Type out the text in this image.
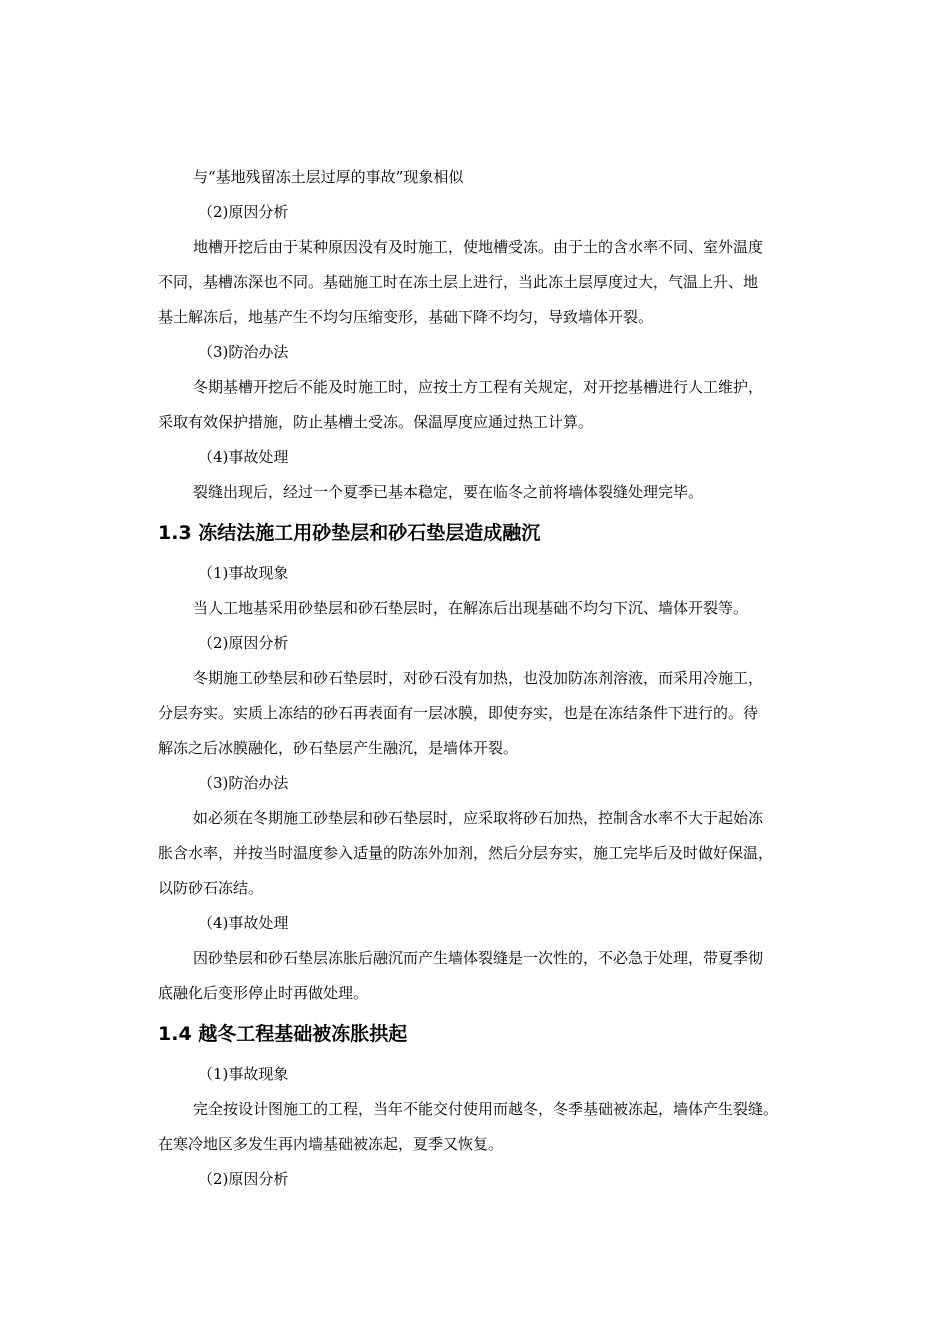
与“基地残留冻土层过厚的事故”现象相似
（2)原因分析
地槽开挖后由于某种原因没有及时施工，使地槽受冻。由于土的含水率不同、室外温度
不同，基槽冻深也不同。基础施工时在冻土层上进行，当此冻土层厚度过大，气温上升、地
基土解冻后，地基产生不均匀压缩变形，基础下降不均匀，导致墙体开裂。
（3)防治办法
冬期基槽开挖后不能及时施工时，应按土方工程有关规定，对开挖基槽进行人工维护，
采取有效保护措施，防止基槽土受冻。保温厚度应通过热工计算。
（4)事故处理
裂缝出现后，经过一个夏季已基本稳定，要在临冬之前将墙体裂缝处理完毕。
1.3 冻结法施工用砂垫层和砂石垫层造成融沉
（1)事故现象
当人工地基采用砂垫层和砂石垫层时，在解冻后出现基础不均匀下沉、墙体开裂等。
（2)原因分析
冬期施工砂垫层和砂石垫层时，对砂石没有加热，也没加防冻剂溶液，而采用冷施工，
分层夯实。实质上冻结的砂石再表面有一层冰膜，即使夯实，也是在冻结条件下进行的。待
解冻之后冰膜融化，砂石垫层产生融沉，是墙体开裂。
（3)防治办法
如必须在冬期施工砂垫层和砂石垫层时，应采取将砂石加热，控制含水率不大于起始冻
胀含水率，并按当时温度参入适量的防冻外加剂，然后分层夯实，施工完毕后及时做好保温，
以防砂石冻结。
（4)事故处理
因砂垫层和砂石垫层冻胀后融沉而产生墙体裂缝是一次性的，不必急于处理，带夏季彻
底融化后变形停止时再做处理。
1.4 越冬工程基础被冻胀拱起
（1)事故现象
完全按设计图施工的工程，当年不能交付使用而越冬，冬季基础被冻起，墙体产生裂缝。
在寒冷地区多发生再内墙基础被冻起，夏季又恢复。
（2)原因分析
